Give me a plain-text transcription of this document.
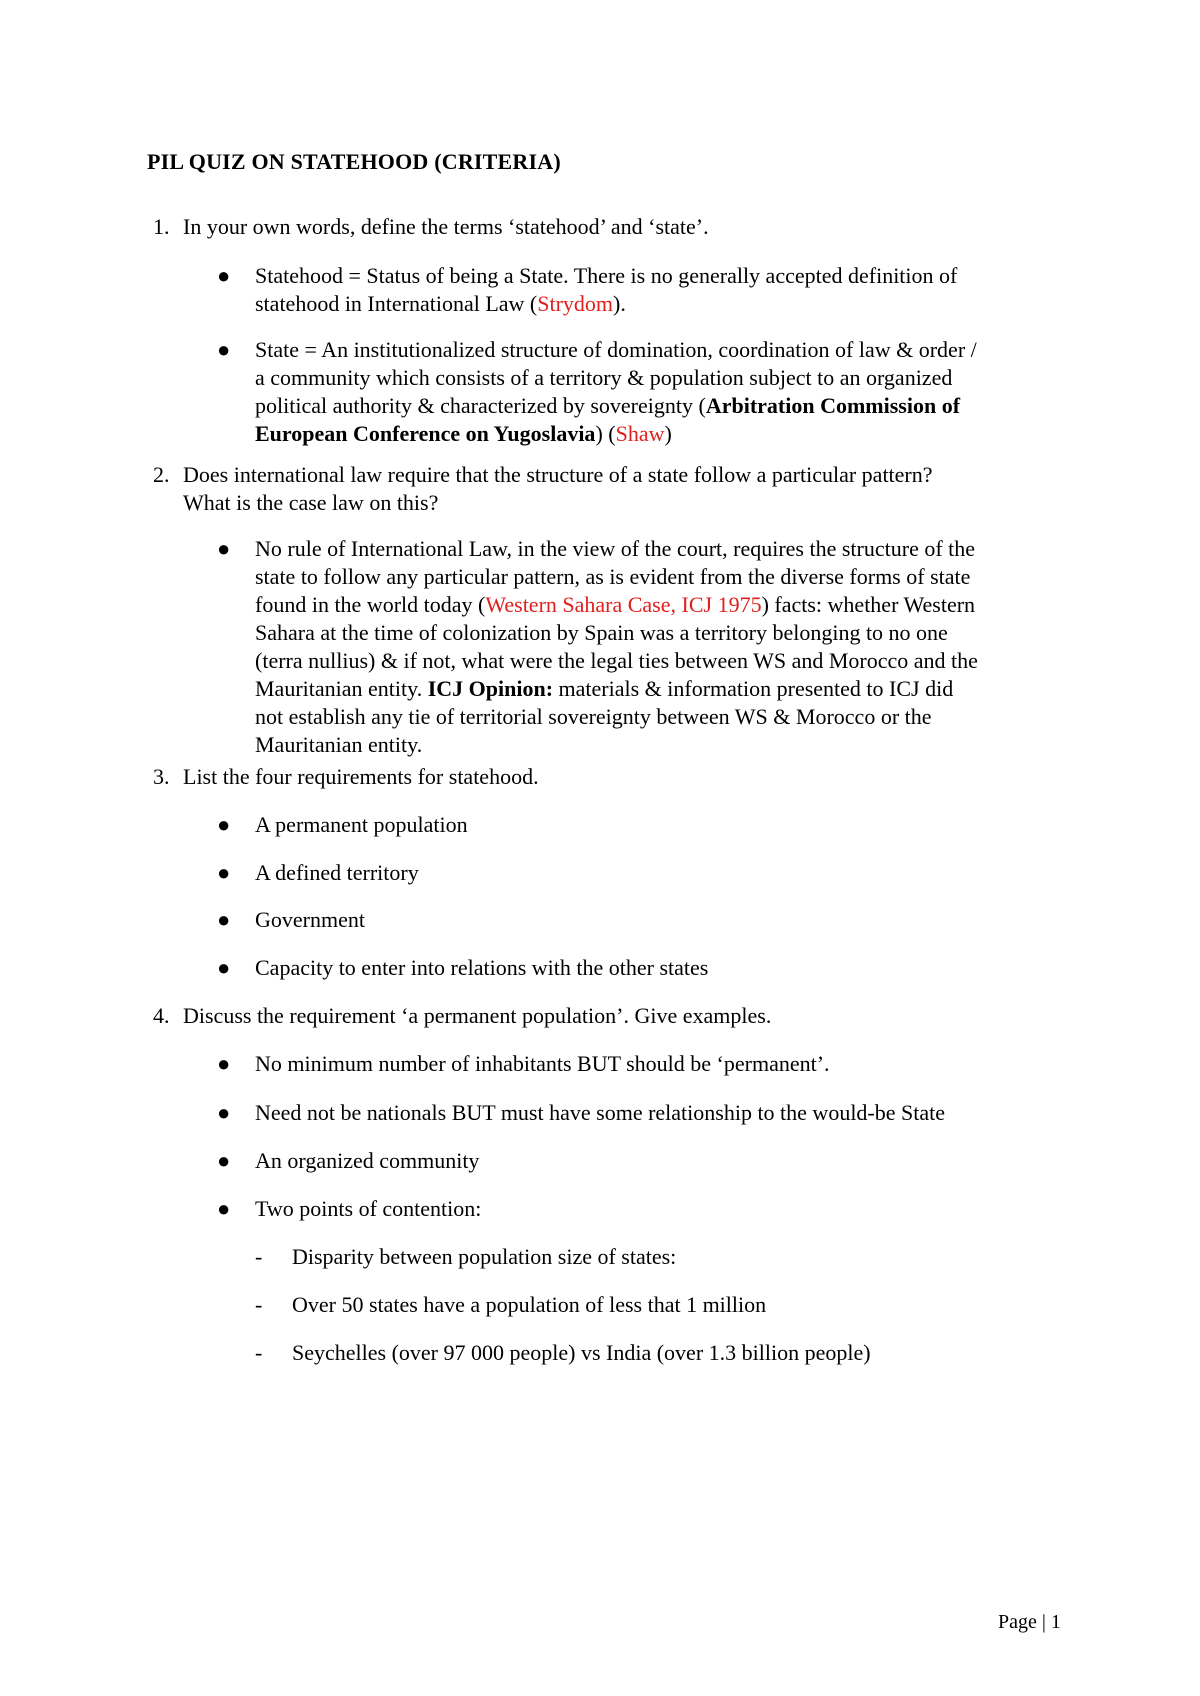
PIL QUIZ ON STATEHOOD (CRITERIA)
1. In your own words, define the terms ‘statehood’ and ‘state’.
● Statehood = Status of being a State. There is no generally accepted definition of
statehood in International Law (Strydom).
● State = An institutionalized structure of domination, coordination of law & order /
a community which consists of a territory & population subject to an organized
political authority & characterized by sovereignty (Arbitration Commission of
European Conference on Yugoslavia) (Shaw)
2. Does international law require that the structure of a state follow a particular pattern?
What is the case law on this?
● No rule of International Law, in the view of the court, requires the structure of the
state to follow any particular pattern, as is evident from the diverse forms of state
found in the world today (Western Sahara Case, ICJ 1975) facts: whether Western
Sahara at the time of colonization by Spain was a territory belonging to no one
(terra nullius) & if not, what were the legal ties between WS and Morocco and the
Mauritanian entity. ICJ Opinion: materials & information presented to ICJ did
not establish any tie of territorial sovereignty between WS & Morocco or the
Mauritanian entity.
3. List the four requirements for statehood.
● A permanent population
● A defined territory
● Government
● Capacity to enter into relations with the other states
4. Discuss the requirement ‘a permanent population’. Give examples.
● No minimum number of inhabitants BUT should be ‘permanent’.
● Need not be nationals BUT must have some relationship to the would-be State
● An organized community
● Two points of contention:
- Disparity between population size of states:
- Over 50 states have a population of less that 1 million
- Seychelles (over 97 000 people) vs India (over 1.3 billion people)
Page | 1
